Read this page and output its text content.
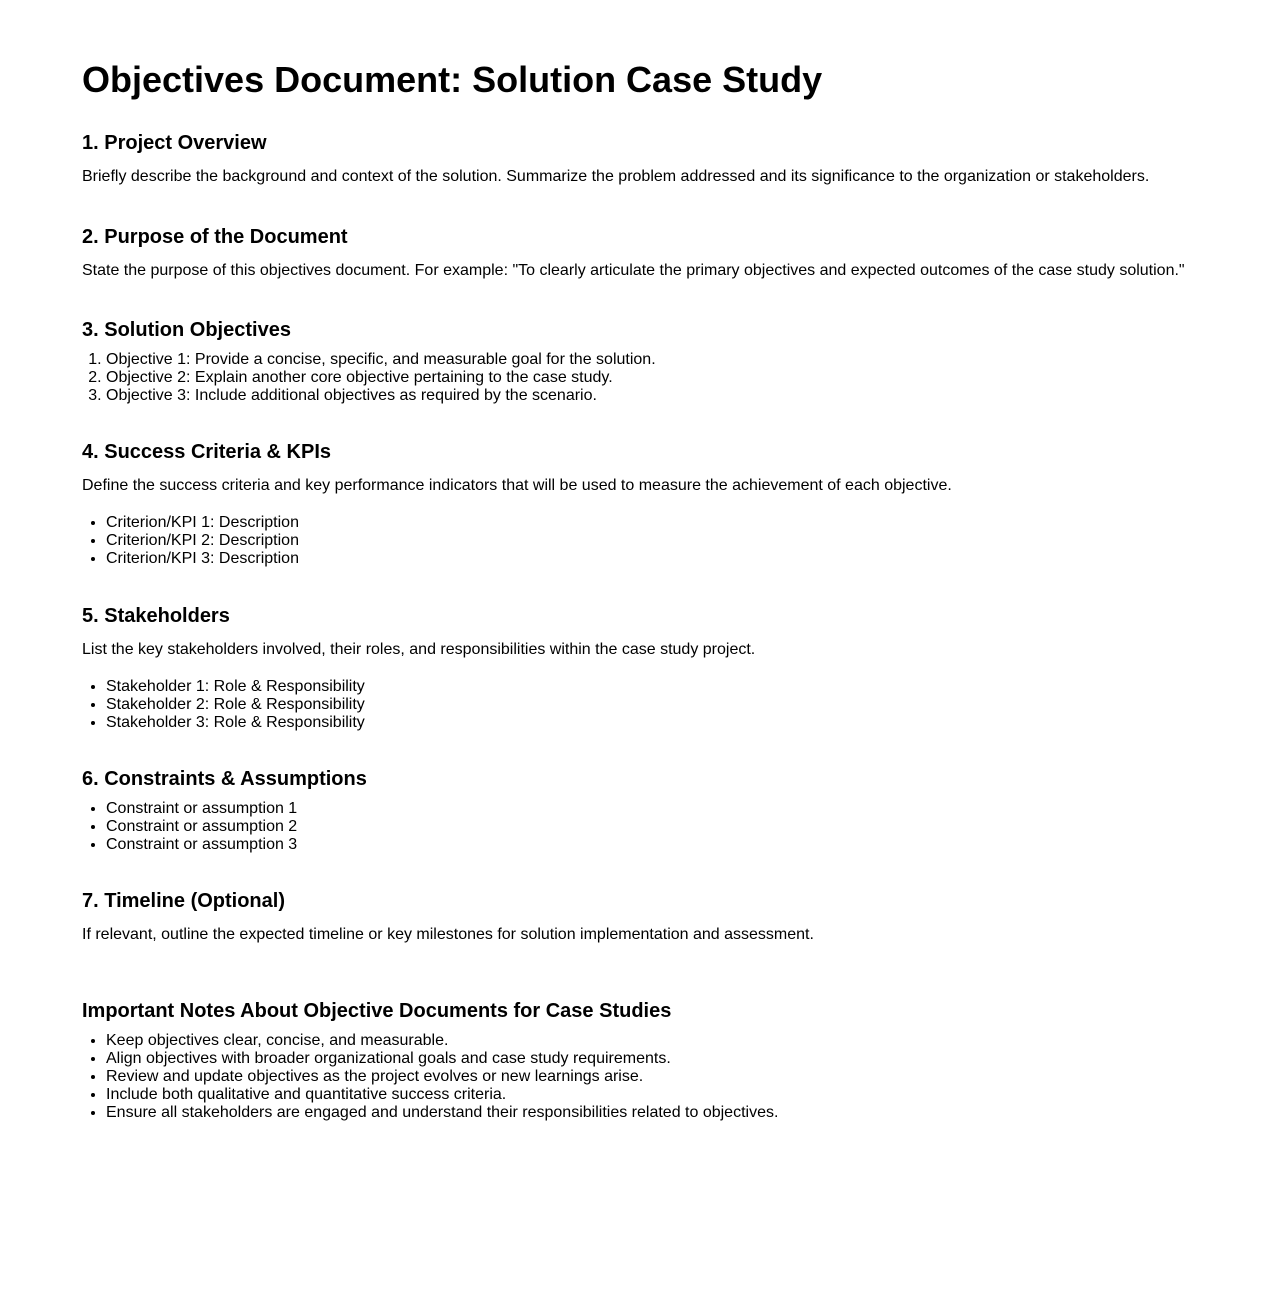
Objectives Document: Solution Case Study
1. Project Overview

Briefly describe the background and context of the solution. Summarize the problem addressed and its significance to the organization or stakeholders.

2. Purpose of the Document

State the purpose of this objectives document. For example: "To clearly articulate the primary objectives and expected outcomes of the case study solution."

3. Solution Objectives
1. Objective 1: Provide a concise, specific, and measurable goal for the solution.
2. Objective 2: Explain another core objective pertaining to the case study.
3. Objective 3: Include additional objectives as required by the scenario.
4. Success Criteria & KPIs

Define the success criteria and key performance indicators that will be used to measure the achievement of each objective.

• Criterion/KPI 1: Description
• Criterion/KPI 2: Description
• Criterion/KPI 3: Description
5. Stakeholders

List the key stakeholders involved, their roles, and responsibilities within the case study project.

• Stakeholder 1: Role & Responsibility
• Stakeholder 2: Role & Responsibility
• Stakeholder 3: Role & Responsibility
6. Constraints & Assumptions
• Constraint or assumption 1
• Constraint or assumption 2
• Constraint or assumption 3
7. Timeline (Optional)

If relevant, outline the expected timeline or key milestones for solution implementation and assessment.

Important Notes About Objective Documents for Case Studies
• Keep objectives clear, concise, and measurable.
• Align objectives with broader organizational goals and case study requirements.
• Review and update objectives as the project evolves or new learnings arise.
• Include both qualitative and quantitative success criteria.
• Ensure all stakeholders are engaged and understand their responsibilities related to objectives.
